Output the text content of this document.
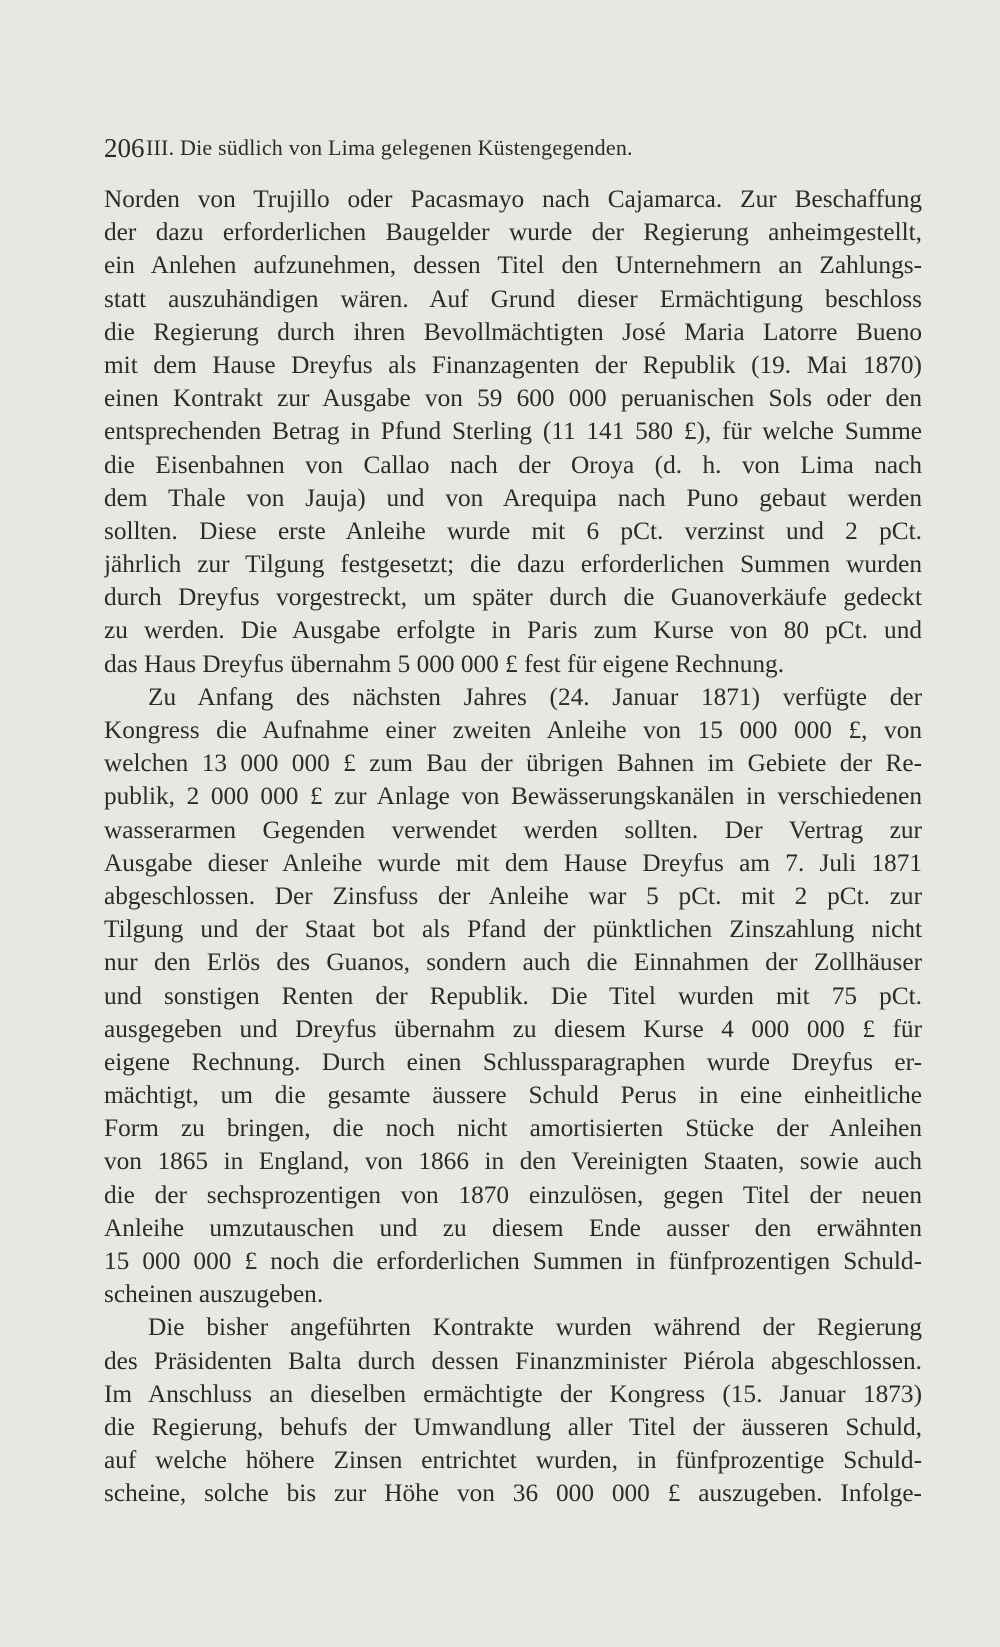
206 III. Die südlich von Lima gelegenen Küstengegenden.
Norden von Trujillo oder Pacasmayo nach Cajamarca. Zur Beschaffung
der dazu erforderlichen Baugelder wurde der Regierung anheimgestellt,
ein Anlehen aufzunehmen, dessen Titel den Unternehmern an Zahlungs-
statt auszuhändigen wären. Auf Grund dieser Ermächtigung beschloss
die Regierung durch ihren Bevollmächtigten José Maria Latorre Bueno
mit dem Hause Dreyfus als Finanzagenten der Republik (19. Mai 1870)
einen Kontrakt zur Ausgabe von 59 600 000 peruanischen Sols oder den
entsprechenden Betrag in Pfund Sterling (11 141 580 £), für welche Summe
die Eisenbahnen von Callao nach der Oroya (d. h. von Lima nach
dem Thale von Jauja) und von Arequipa nach Puno gebaut werden
sollten. Diese erste Anleihe wurde mit 6 pCt. verzinst und 2 pCt.
jährlich zur Tilgung festgesetzt; die dazu erforderlichen Summen wurden
durch Dreyfus vorgestreckt, um später durch die Guanoverkäufe gedeckt
zu werden. Die Ausgabe erfolgte in Paris zum Kurse von 80 pCt. und
das Haus Dreyfus übernahm 5 000 000 £ fest für eigene Rechnung.
Zu Anfang des nächsten Jahres (24. Januar 1871) verfügte der
Kongress die Aufnahme einer zweiten Anleihe von 15 000 000 £, von
welchen 13 000 000 £ zum Bau der übrigen Bahnen im Gebiete der Re-
publik, 2 000 000 £ zur Anlage von Bewässerungskanälen in verschiedenen
wasserarmen Gegenden verwendet werden sollten. Der Vertrag zur
Ausgabe dieser Anleihe wurde mit dem Hause Dreyfus am 7. Juli 1871
abgeschlossen. Der Zinsfuss der Anleihe war 5 pCt. mit 2 pCt. zur
Tilgung und der Staat bot als Pfand der pünktlichen Zinszahlung nicht
nur den Erlös des Guanos, sondern auch die Einnahmen der Zollhäuser
und sonstigen Renten der Republik. Die Titel wurden mit 75 pCt.
ausgegeben und Dreyfus übernahm zu diesem Kurse 4 000 000 £ für
eigene Rechnung. Durch einen Schlussparagraphen wurde Dreyfus er-
mächtigt, um die gesamte äussere Schuld Perus in eine einheitliche
Form zu bringen, die noch nicht amortisierten Stücke der Anleihen
von 1865 in England, von 1866 in den Vereinigten Staaten, sowie auch
die der sechsprozentigen von 1870 einzulösen, gegen Titel der neuen
Anleihe umzutauschen und zu diesem Ende ausser den erwähnten
15 000 000 £ noch die erforderlichen Summen in fünfprozentigen Schuld-
scheinen auszugeben.
Die bisher angeführten Kontrakte wurden während der Regierung
des Präsidenten Balta durch dessen Finanzminister Piérola abgeschlossen.
Im Anschluss an dieselben ermächtigte der Kongress (15. Januar 1873)
die Regierung, behufs der Umwandlung aller Titel der äusseren Schuld,
auf welche höhere Zinsen entrichtet wurden, in fünfprozentige Schuld-
scheine, solche bis zur Höhe von 36 000 000 £ auszugeben. Infolge-
